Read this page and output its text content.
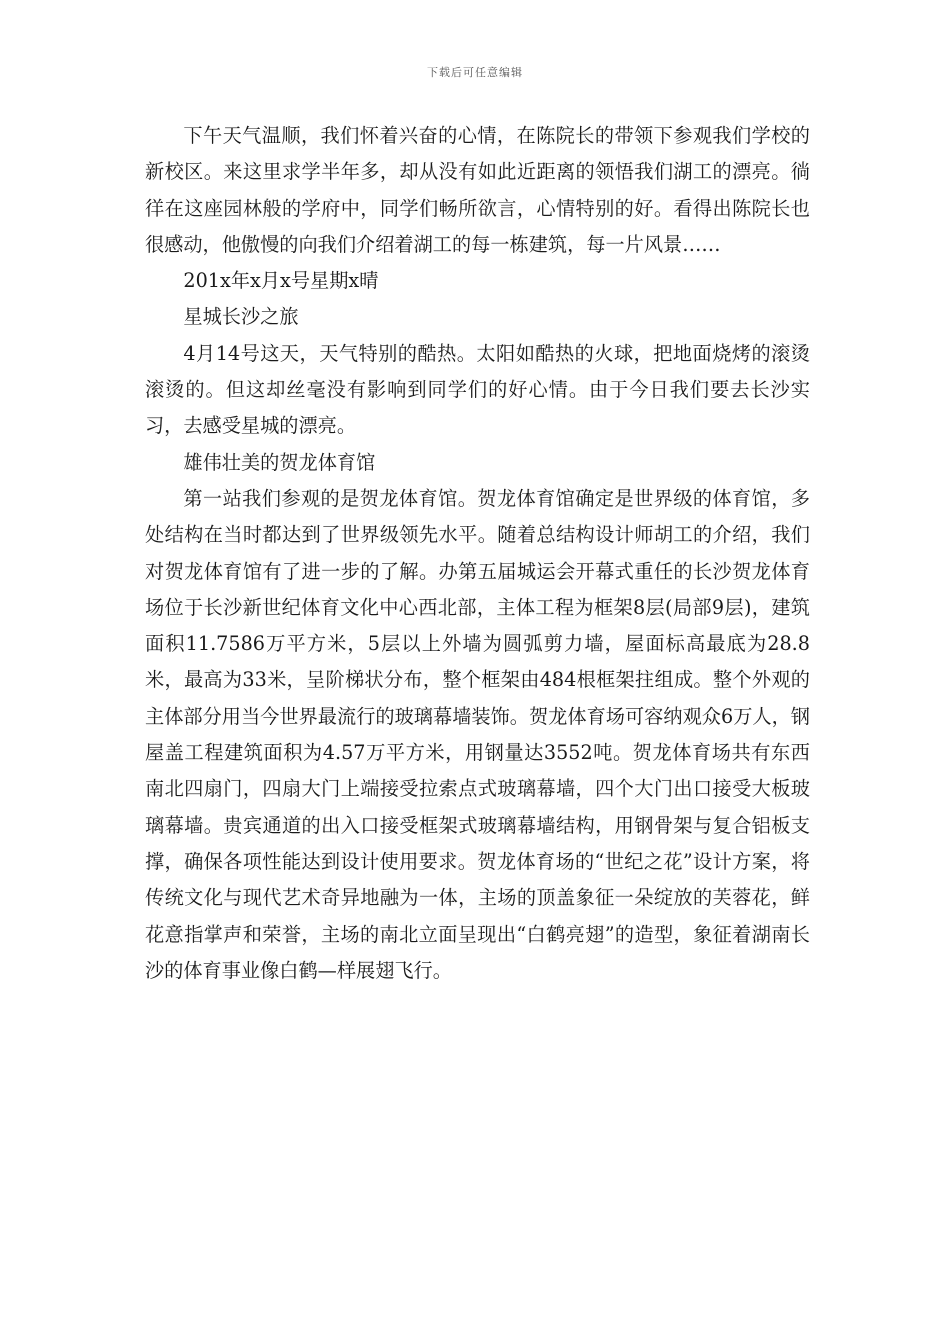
下载后可任意编辑

下午天气温顺，我们怀着兴奋的心情，在陈院长的带领下参观我们学校的新校区。来这里求学半年多，却从没有如此近距离的领悟我们湖工的漂亮。徜徉在这座园林般的学府中，同学们畅所欲言，心情特别的好。看得出陈院长也很感动，他傲慢的向我们介绍着湖工的每一栋建筑，每一片风景……

201x年x月x号星期x晴

星城长沙之旅

4月14号这天，天气特别的酷热。太阳如酷热的火球，把地面烧烤的滚烫滚烫的。但这却丝毫没有影响到同学们的好心情。由于今日我们要去长沙实习，去感受星城的漂亮。

雄伟壮美的贺龙体育馆

第一站我们参观的是贺龙体育馆。贺龙体育馆确定是世界级的体育馆，多处结构在当时都达到了世界级领先水平。随着总结构设计师胡工的介绍，我们对贺龙体育馆有了进一步的了解。办第五届城运会开幕式重任的长沙贺龙体育场位于长沙新世纪体育文化中心西北部，主体工程为框架8层(局部9层)，建筑面积11.7586万平方米，5层以上外墙为圆弧剪力墙，屋面标高最底为28.8米，最高为33米，呈阶梯状分布，整个框架由484根框架拄组成。整个外观的主体部分用当今世界最流行的玻璃幕墙装饰。贺龙体育场可容纳观众6万人，钢屋盖工程建筑面积为4.57万平方米，用钢量达3552吨。贺龙体育场共有东西南北四扇门，四扇大门上端接受拉索点式玻璃幕墙，四个大门出口接受大板玻璃幕墙。贵宾通道的出入口接受框架式玻璃幕墙结构，用钢骨架与复合铝板支撑，确保各项性能达到设计使用要求。贺龙体育场的“世纪之花”设计方案，将传统文化与现代艺术奇异地融为一体，主场的顶盖象征一朵绽放的芙蓉花，鲜花意指掌声和荣誉，主场的南北立面呈现出“白鹤亮翅”的造型，象征着湖南长沙的体育事业像白鹤—样展翅飞行。
